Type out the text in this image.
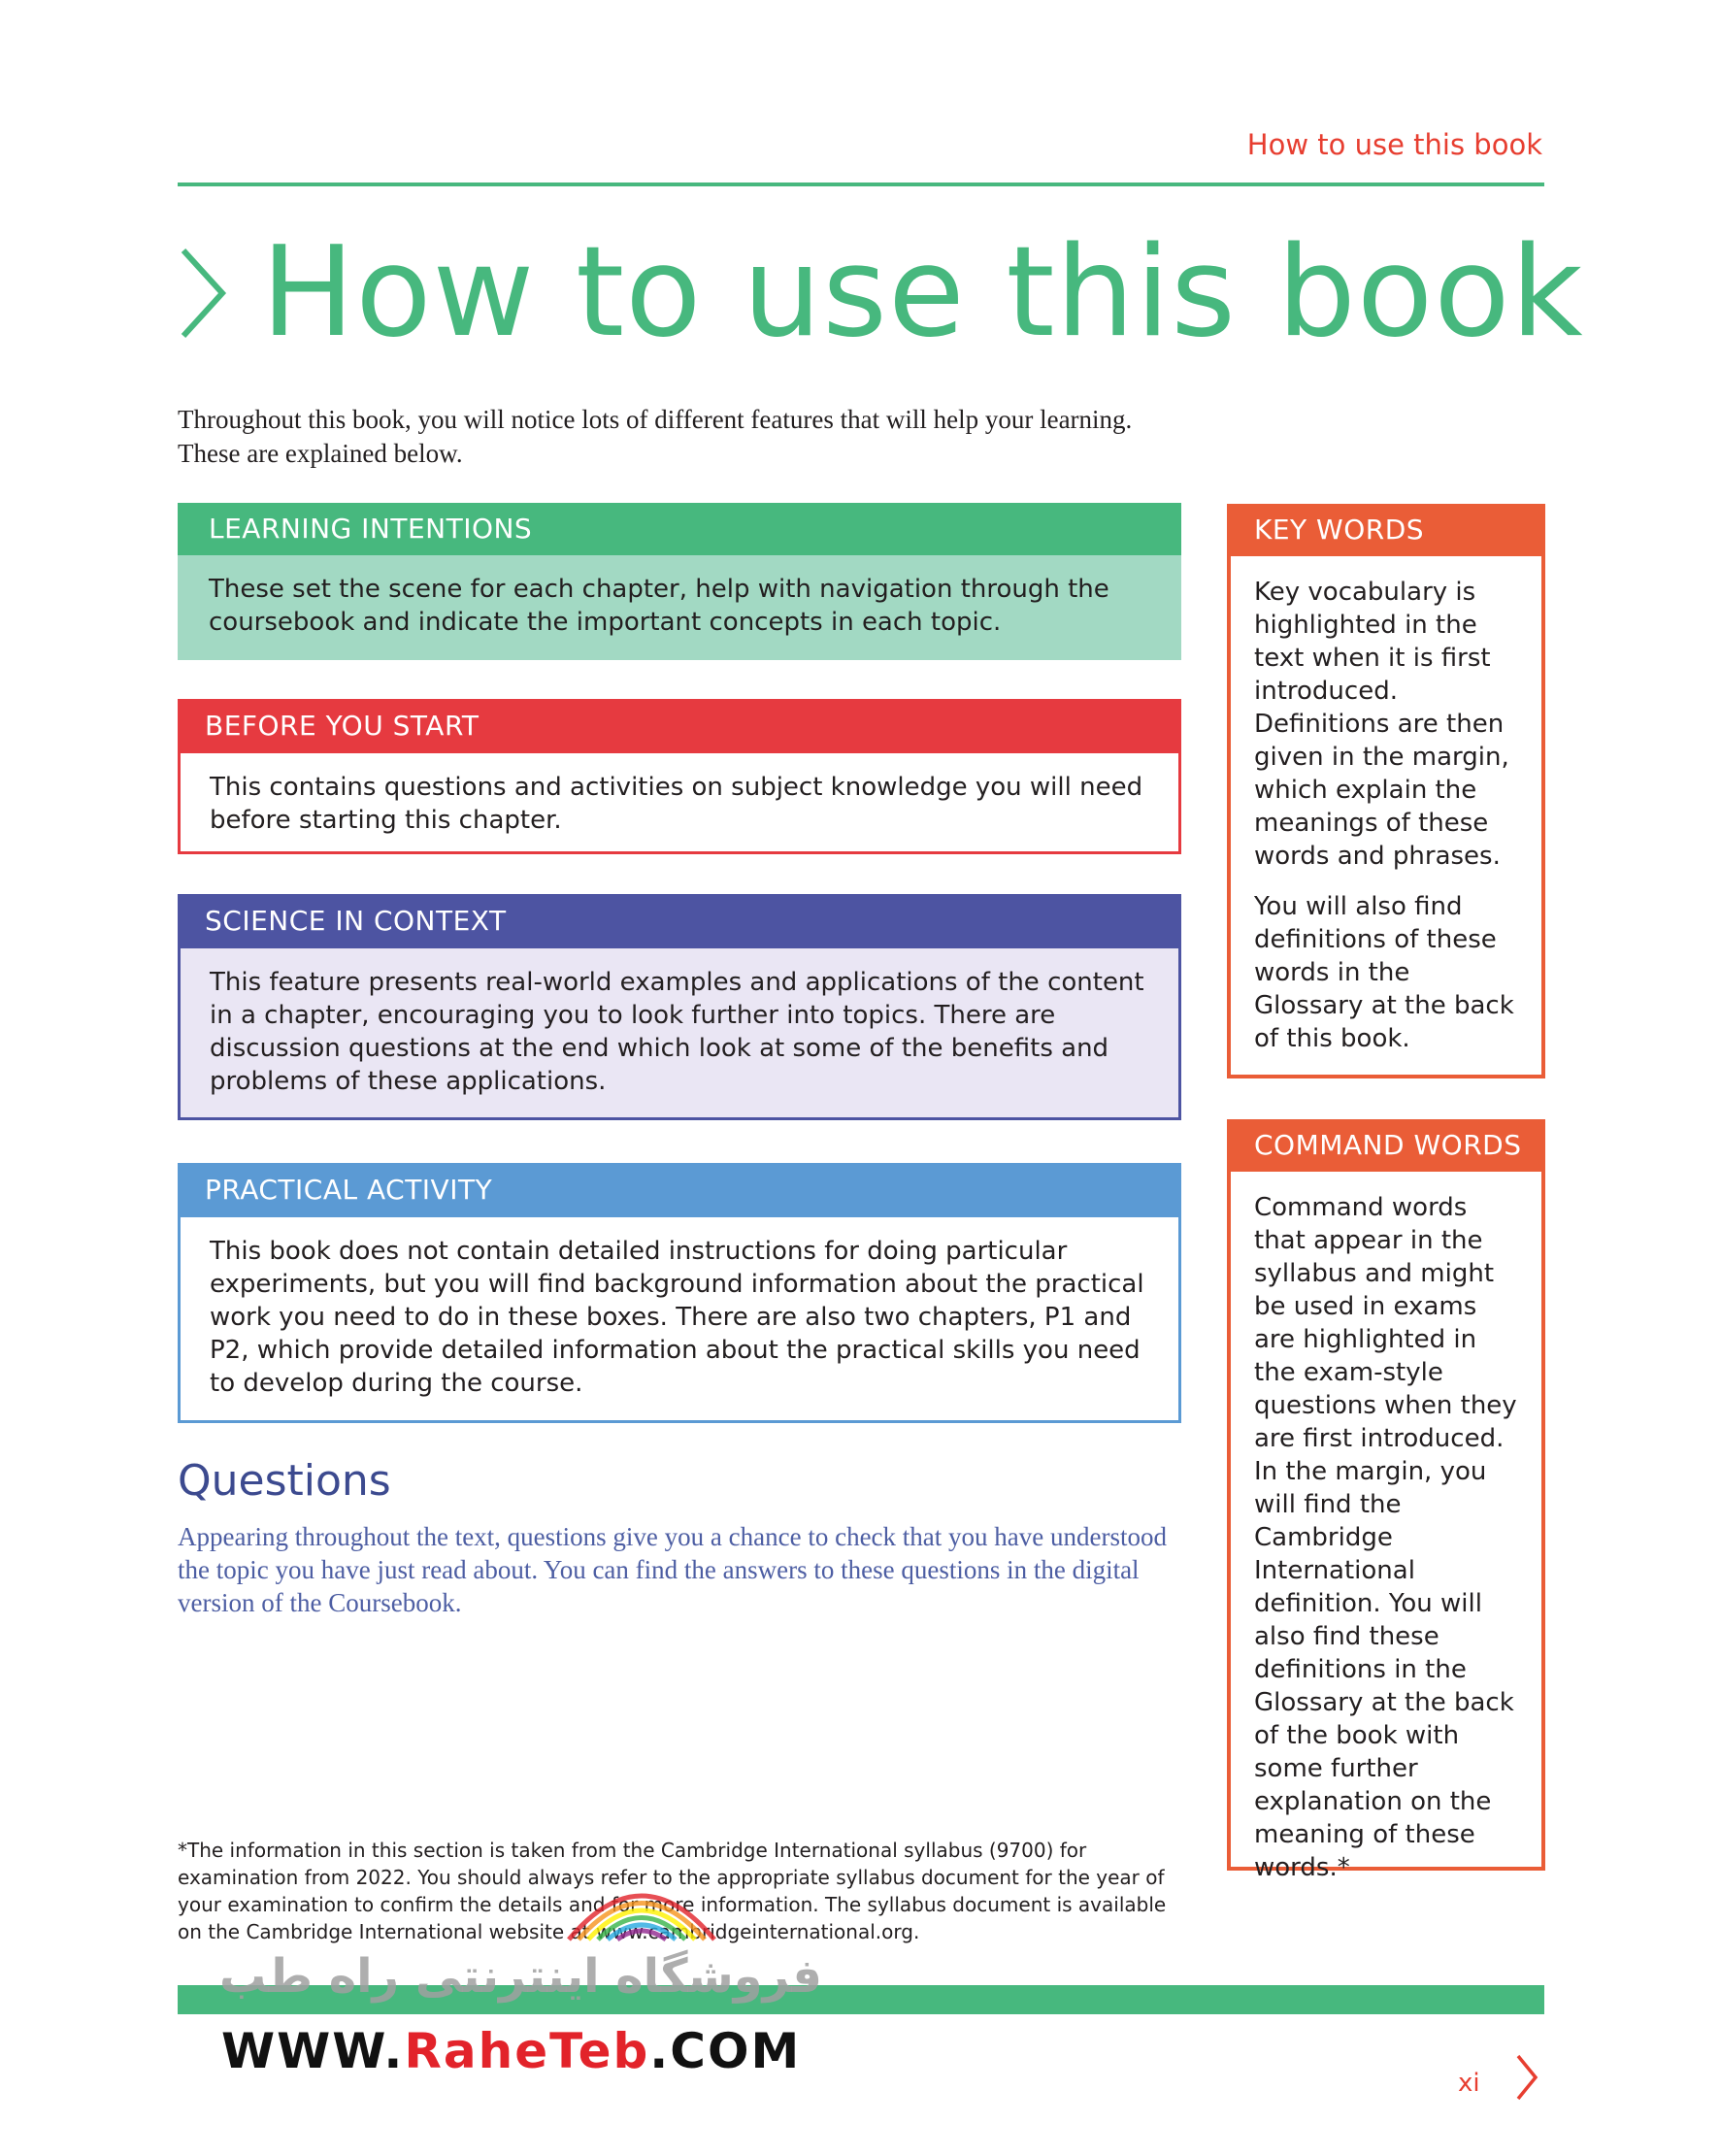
How to use this book
How to use this book
Throughout this book, you will notice lots of different features that will help your learning. These are explained below.
LEARNING INTENTIONS
These set the scene for each chapter, help with navigation through the coursebook and indicate the important concepts in each topic.
BEFORE YOU START
This contains questions and activities on subject knowledge you will need before starting this chapter.
SCIENCE IN CONTEXT
This feature presents real-world examples and applications of the content in a chapter, encouraging you to look further into topics. There are discussion questions at the end which look at some of the benefits and problems of these applications.
PRACTICAL ACTIVITY
This book does not contain detailed instructions for doing particular experiments, but you will find background information about the practical work you need to do in these boxes. There are also two chapters, P1 and P2, which provide detailed information about the practical skills you need to develop during the course.
KEY WORDS

Key vocabulary is highlighted in the text when it is first introduced. Definitions are then given in the margin, which explain the meanings of these words and phrases.

You will also find definitions of these words in the Glossary at the back of this book.

COMMAND WORDS
Command words that appear in the syllabus and might be used in exams are highlighted in the exam-style questions when they are first introduced. In the margin, you will find the Cambridge International definition. You will also find these definitions in the Glossary at the back of the book with some further explanation on the meaning of these words.*
Questions
Appearing throughout the text, questions give you a chance to check that you have understood the topic you have just read about. You can find the answers to these questions in the digital version of the Coursebook.
*The information in this section is taken from the Cambridge International syllabus (9700) for examination from 2022. You should always refer to the appropriate syllabus document for the year of your examination to confirm the details and for more information. The syllabus document is available on the Cambridge International website at www.cambridgeinternational.org.
فروشگاه اینترنتی راه طب
WWW.RaheTeb.COM
xi
